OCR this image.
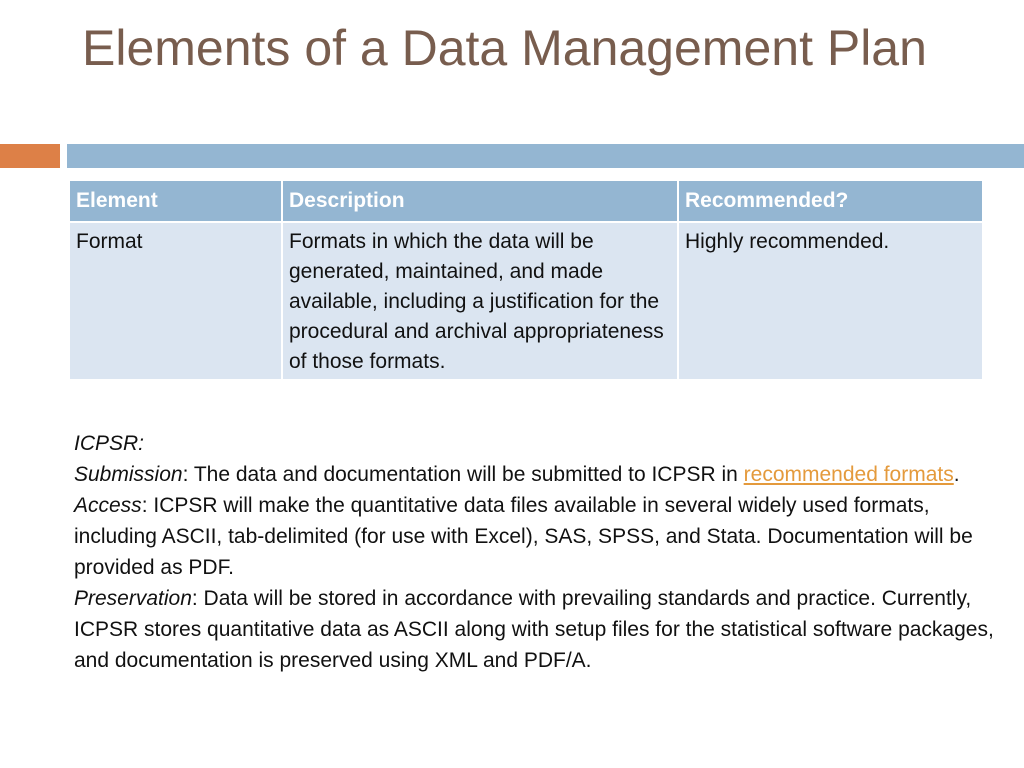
Elements of a Data Management Plan
Element	Description	Recommended?
Format	Formats in which the data will be generated, maintained, and made available, including a justification for the procedural and archival appropriateness of those formats.	Highly recommended.
ICPSR:
Submission: The data and documentation will be submitted to ICPSR in recommended formats. Access: ICPSR will make the quantitative data files available in several widely used formats, including ASCII, tab-delimited (for use with Excel), SAS, SPSS, and Stata. Documentation will be provided as PDF.
Preservation: Data will be stored in accordance with prevailing standards and practice. Currently, ICPSR stores quantitative data as ASCII along with setup files for the statistical software packages, and documentation is preserved using XML and PDF/A.
